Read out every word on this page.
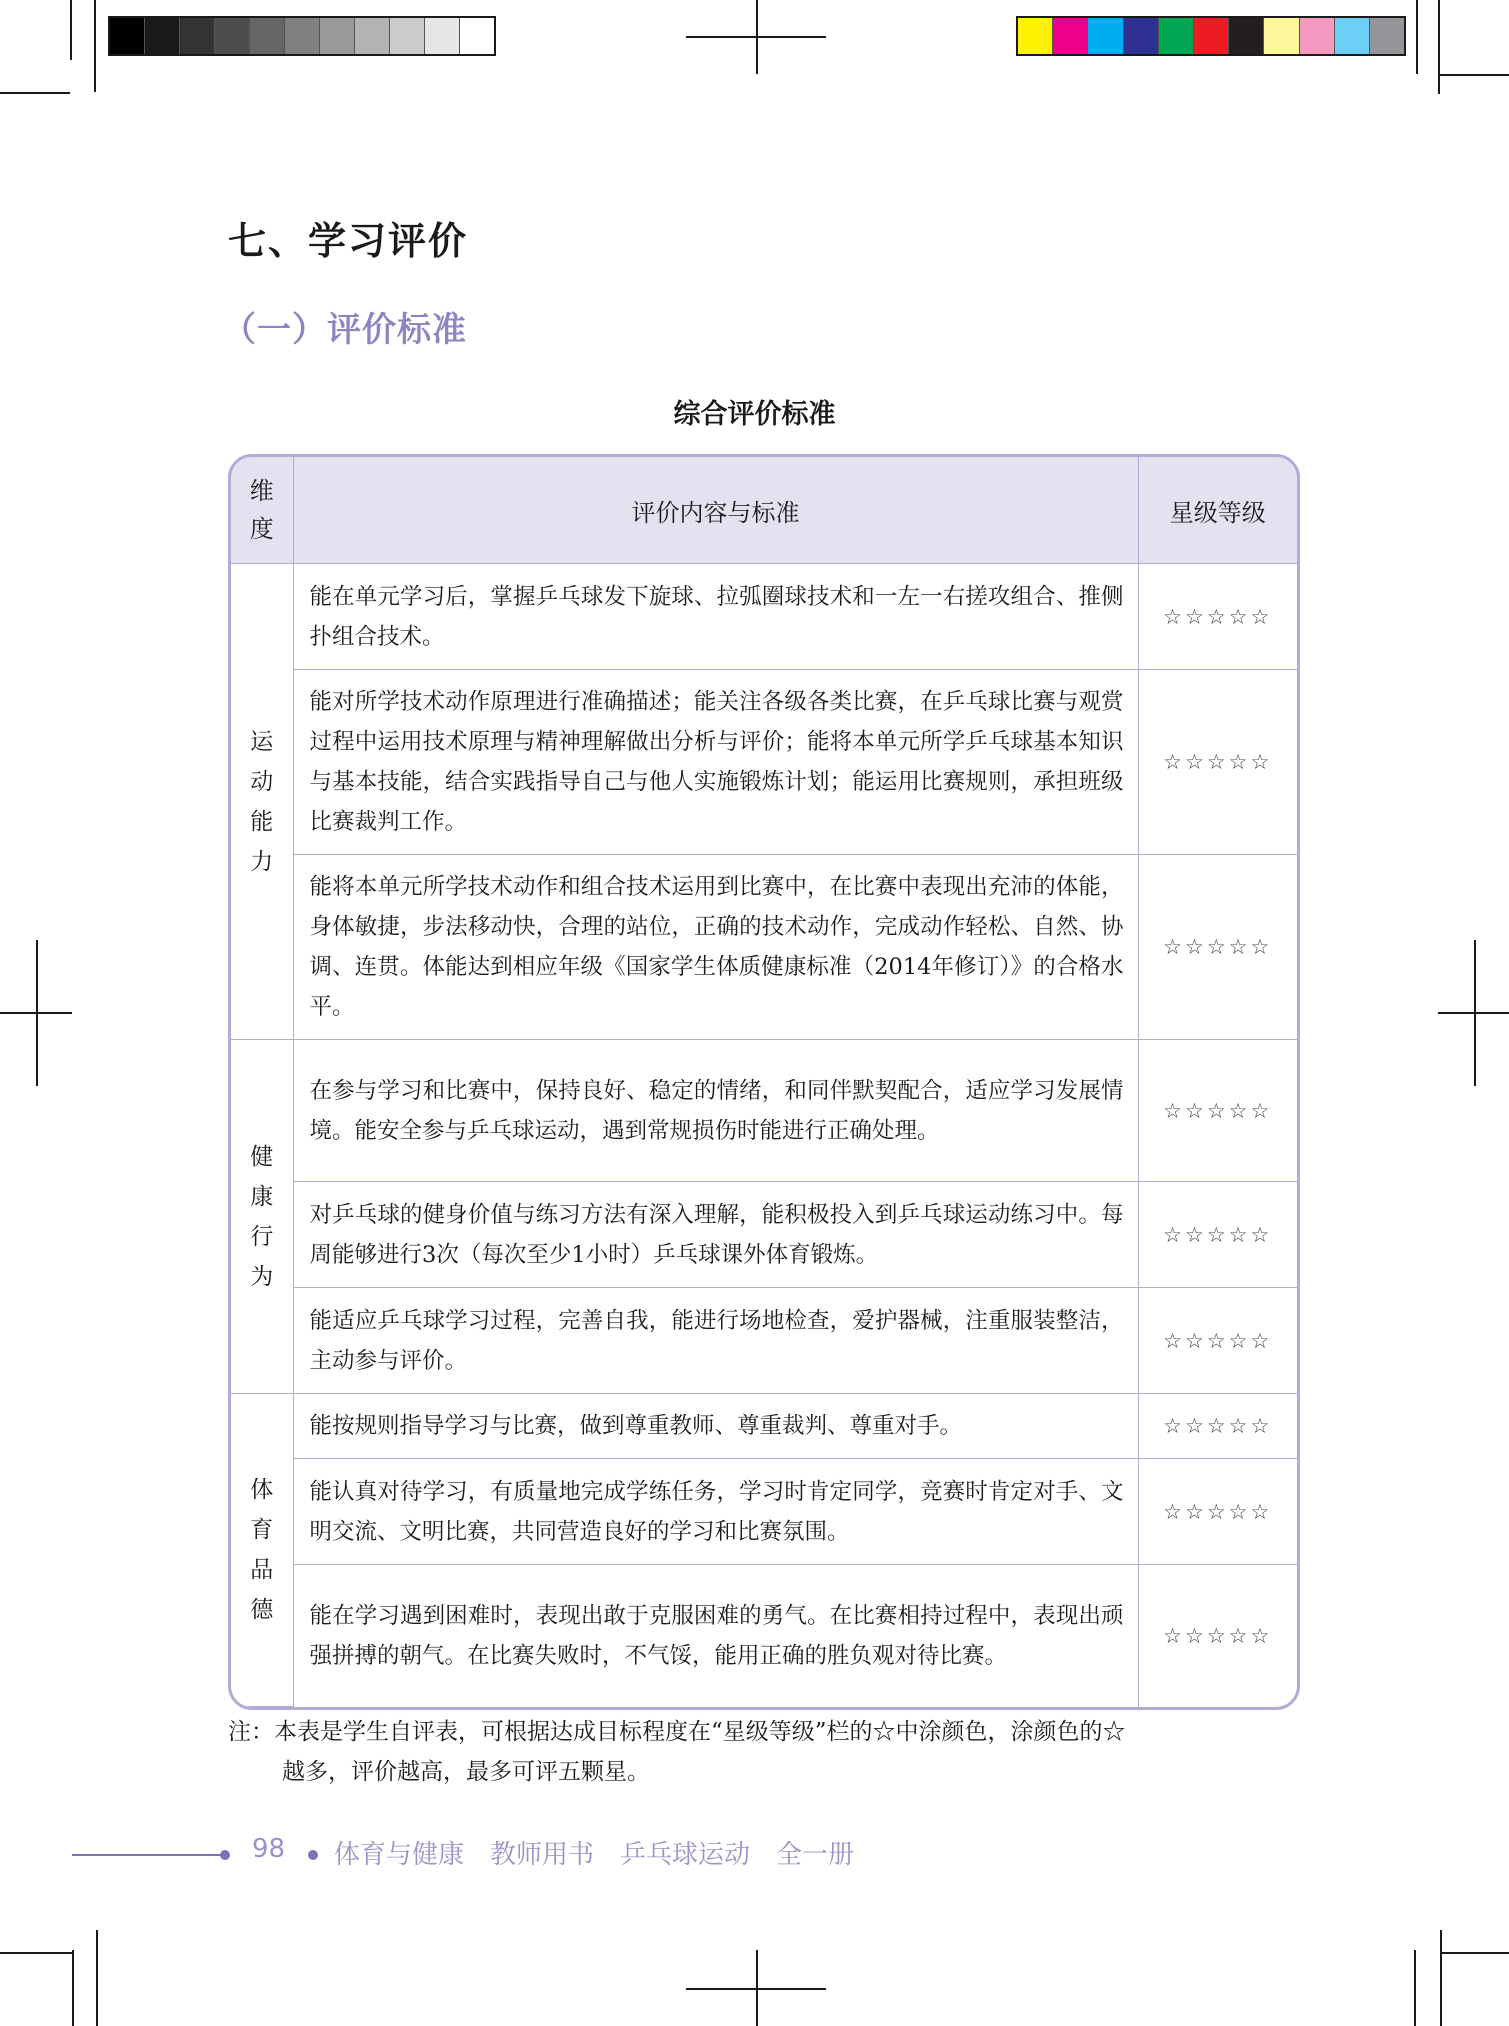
七、学习评价
（一）评价标准
综合评价标准
维
度	评价内容与标准	星级等级
运
动
能
力	能在单元学习后，掌握乒乓球发下旋球、拉弧圈球技术和一左一右搓攻组合、推侧扑组合技术。	☆☆☆☆☆
	能对所学技术动作原理进行准确描述；能关注各级各类比赛，在乒乓球比赛与观赏过程中运用技术原理与精神理解做出分析与评价；能将本单元所学乒乓球基本知识与基本技能，结合实践指导自己与他人实施锻炼计划；能运用比赛规则，承担班级比赛裁判工作。	☆☆☆☆☆
	能将本单元所学技术动作和组合技术运用到比赛中，在比赛中表现出充沛的体能，身体敏捷，步法移动快，合理的站位，正确的技术动作，完成动作轻松、自然、协调、连贯。体能达到相应年级《国家学生体质健康标准（2014年修订）》的合格水平。	☆☆☆☆☆
健
康
行
为	在参与学习和比赛中，保持良好、稳定的情绪，和同伴默契配合，适应学习发展情境。能安全参与乒乓球运动，遇到常规损伤时能进行正确处理。	☆☆☆☆☆
	对乒乓球的健身价值与练习方法有深入理解，能积极投入到乒乓球运动练习中。每周能够进行3次（每次至少1小时）乒乓球课外体育锻炼。	☆☆☆☆☆
	能适应乒乓球学习过程，完善自我，能进行场地检查，爱护器械，注重服装整洁，主动参与评价。	☆☆☆☆☆
体
育
品
德	能按规则指导学习与比赛，做到尊重教师、尊重裁判、尊重对手。	☆☆☆☆☆
	能认真对待学习，有质量地完成学练任务，学习时肯定同学，竞赛时肯定对手、文明交流、文明比赛，共同营造良好的学习和比赛氛围。	☆☆☆☆☆
	能在学习遇到困难时，表现出敢于克服困难的勇气。在比赛相持过程中，表现出顽强拼搏的朝气。在比赛失败时，不气馁，能用正确的胜负观对待比赛。	☆☆☆☆☆
注：本表是学生自评表，可根据达成目标程度在“星级等级”栏的☆中涂颜色，涂颜色的☆
越多，评价越高，最多可评五颗星。
98 体育与健康　教师用书　乒乓球运动　全一册
